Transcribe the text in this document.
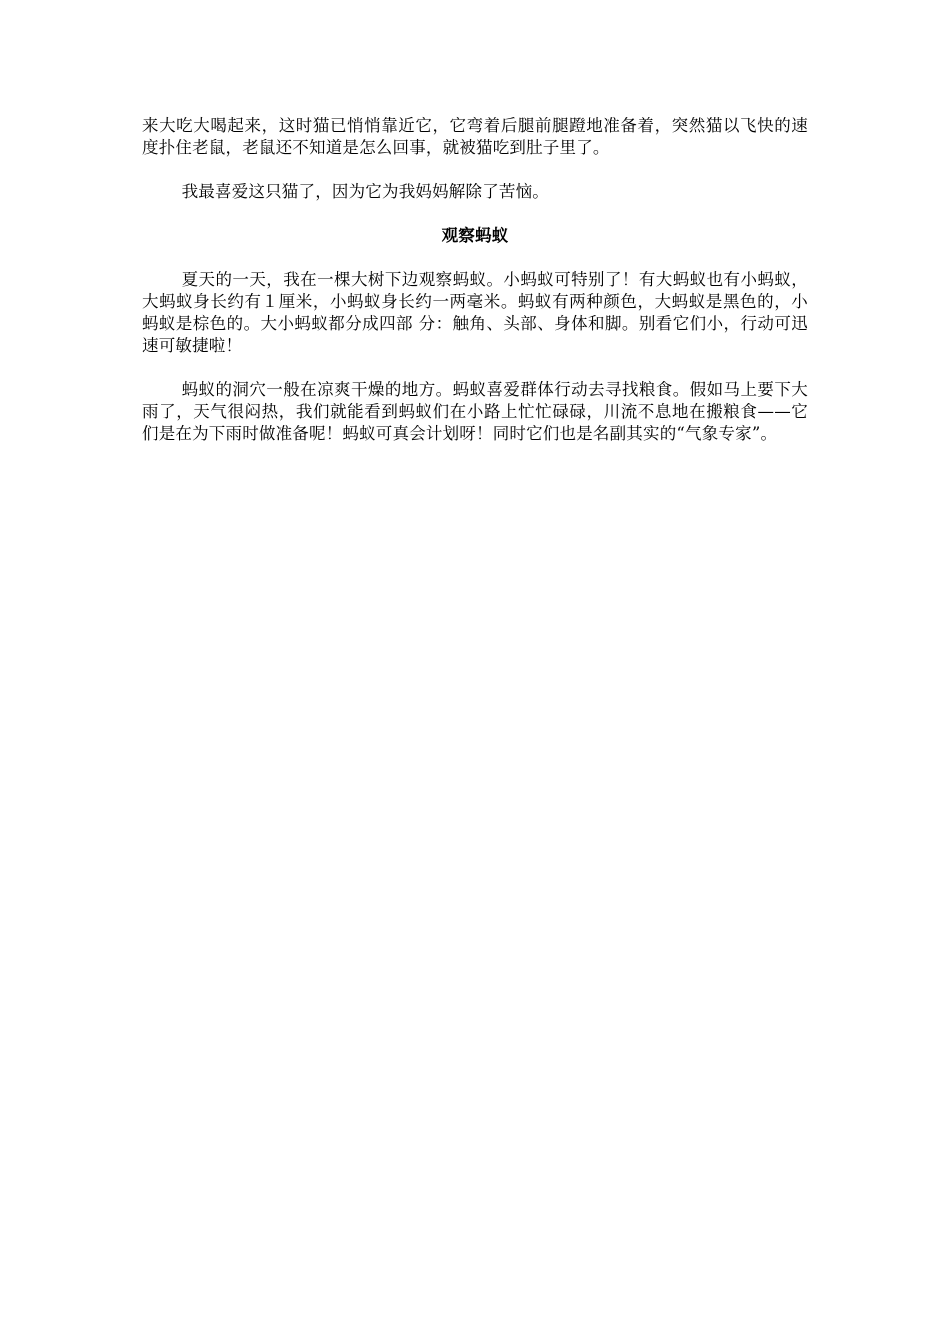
来大吃大喝起来，这时猫已悄悄靠近它，它弯着后腿前腿蹬地准备着，突然猫以飞快的速度扑住老鼠，老鼠还不知道是怎么回事，就被猫吃到肚子里了。

我最喜爱这只猫了，因为它为我妈妈解除了苦恼。

观察蚂蚁

夏天的一天，我在一棵大树下边观察蚂蚁。小蚂蚁可特别了！有大蚂蚁也有小蚂蚁，大蚂蚁身长约有１厘米，小蚂蚁身长约一两毫米。蚂蚁有两种颜色，大蚂蚁是黑色的，小蚂蚁是棕色的。大小蚂蚁都分成四部 分：触角、头部、身体和脚。别看它们小，行动可迅速可敏捷啦！

蚂蚁的洞穴一般在凉爽干燥的地方。蚂蚁喜爱群体行动去寻找粮食。假如马上要下大雨了，天气很闷热，我们就能看到蚂蚁们在小路上忙忙碌碌，川流不息地在搬粮食——它们是在为下雨时做准备呢！蚂蚁可真会计划呀！同时它们也是名副其实的“气象专家”。
